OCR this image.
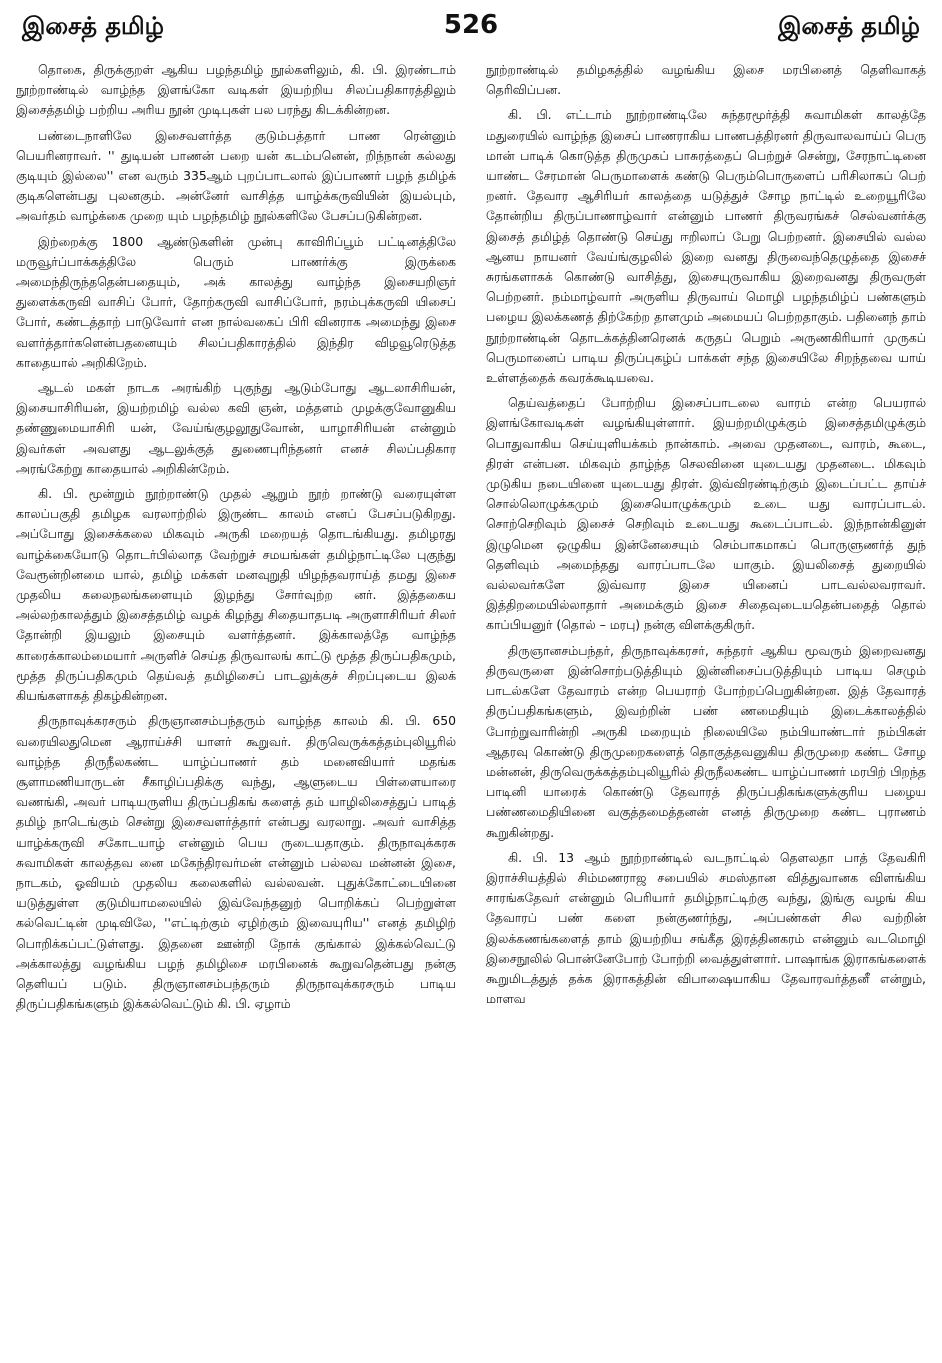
இசைத் தமிழ்	526	இசைத் தமிழ்

தொகை, திருக்குறள் ஆகிய பழந்தமிழ் நூல்களிலும், கி. பி. இரண்டாம் நூற்றாண்டில் வாழ்ந்த இளங்கோ வடிகள் இயற்றிய சிலப்பதிகாரத்திலும் இசைத்தமிழ் பற்றிய அரிய நூன் முடிபுகள் பல பரந்து கிடக்கின்றன.

பண்டைநாளிலே இசைவளர்த்த குடும்பத்தார் பாண ரென்னும் பெயரினராவர். '' துடியன் பாணன் பறை யன் கடம்பனென், றிந்நான் கல்லது குடியும் இல்லை'' என வரும் 335ஆம் புறப்பாடலால் இப்பாணர் பழந் தமிழ்க் குடிகளென்பது புலனகும். அன்னேர் வாசித்த யாழ்க்கருவியின் இயல்பும், அவர்தம் வாழ்க்கை முறை யும் பழந்தமிழ் நூல்களிலே பேசப்படுகின்றன.

இற்றைக்கு 1800 ஆண்டுகளின் முன்பு காவிரிப்பூம் பட்டினத்திலே மருவூர்ப்பாக்கத்திலே பெரும் பாணர்க்கு இருக்கை அமைந்திருந்ததென்பதையும், அக் காலத்து வாழ்ந்த இசையறிஞர் துளைக்கருவி வாசிப் போர், தோற்கருவி வாசிப்போர், நரம்புக்கருவி யிசைப் போர், கண்டத்தாற் பாடுவோர் என நால்வகைப் பிரி வினராக அமைந்து இசை வளர்த்தார்களென்பதனையும் சிலப்பதிகாரத்தில் இந்திர விழவூரெடுத்த காதையால் அறிகிறேம்.

ஆடல் மகள் நாடக அரங்கிற் புகுந்து ஆடும்போது ஆடலாசிரியன், இசையாசிரியன், இயற்றமிழ் வல்ல கவி ஞன், மத்தளம் முழக்குவோனுகிய தண்ணுமையாசிரி யன், வேய்ங்குழலூதுவோன், யாழாசிரியன் என்னும் இவர்கள் அவளது ஆடலுக்குத் துணைபுரிந்தனர் எனச் சிலப்பதிகார அரங்கேற்று காதையால் அறிகின்றேம்.

கி. பி. மூன்றும் நூற்றாண்டு முதல் ஆறும் நூற் றாண்டு வரையுள்ள காலப்பகுதி தமிழக வரலாற்றில் இருண்ட காலம் எனப் பேசப்படுகிறது. அப்போது இசைக்கலை மிகவும் அருகி மறையத் தொடங்கியது. தமிழரது வாழ்க்கையோடு தொடர்பில்லாத வேற்றுச் சமயங்கள் தமிழ்நாட்டிலே புகுந்து வேரூன்றினமை யால், தமிழ் மக்கள் மனவுறுதி யிழந்தவராய்த் தமது இசை முதலிய கலைநலங்களையும் இழந்து சோர்வுற்ற னர். இத்தகைய அல்லற்காலத்தும் இசைத்தமிழ் வழக் கிழந்து சிதையாதபடி அருளாசிரியர் சிலர் தோன்றி இயலும் இசையும் வளர்த்தனர். இக்காலத்தே வாழ்ந்த காரைக்காலம்மையார் அருளிச் செய்த திருவாலங் காட்டு மூத்த திருப்பதிகமும், மூத்த திருப்பதிகமும் தெய்வத் தமிழிசைப் பாடலுக்குச் சிறப்புடைய இலக் கியங்களாகத் திகழ்கின்றன.

திருநாவுக்கரசரும் திருஞானசம்பந்தரும் வாழ்ந்த காலம் கி. பி. 650 வரையிலதுமென ஆராய்ச்சி யாளர் கூறுவர். திருவெருக்கத்தம்புலியூரில் வாழ்ந்த திருநீலகண்ட யாழ்ப்பாணர் தம் மனைவியார் மதங்க சூளாமணியாருடன் சீகாழிப்பதிக்கு வந்து, ஆளுடைய பிள்ளையாரை வணங்கி, அவர் பாடியருளிய திருப்பதிகங் களைத் தம் யாழிலிசைத்துப் பாடித் தமிழ் நாடெங்கும் சென்று இசைவளர்த்தார் என்பது வரலாறு. அவர் வாசித்த யாழ்க்கருவி சகோடயாழ் என்னும் பெய ருடையதாகும். திருநாவுக்கரசு சுவாமிகள் காலத்தவ னை மகேந்திரவர்மன் என்னும் பல்லவ மன்னன் இசை, நாடகம், ஓவியம் முதலிய கலைகளில் வல்லவன். புதுக்கோட்டையினை யடுத்துள்ள குடுமியாமலையில் இவ்வேந்தனுற் பொறிக்கப் பெற்றுள்ள கல்வெட்டின் முடிவிலே, ''எட்டிற்கும் ஏழிற்கும் இவையுரிய'' எனத் தமிழிற் பொறிக்கப்பட்டுள்ளது. இதனை ஊன்றி நோக் குங்கால் இக்கல்வெட்டு அக்காலத்து வழங்கிய பழந் தமிழிசை மரபினைக் கூறுவதென்பது நன்கு தெளியப் படும். திருஞானசம்பந்தரும் திருநாவுக்கரசரும் பாடிய திருப்பதிகங்களும் இக்கல்வெட்டும் கி. பி. ஏழாம்

நூற்றாண்டில் தமிழகத்தில் வழங்கிய இசை மரபினைத் தெளிவாகத் தெரிவிப்பன.

கி. பி. எட்டாம் நூற்றாண்டிலே சுந்தரமூர்த்தி சுவாமிகள் காலத்தே மதுரையில் வாழ்ந்த இசைப் பாணராகிய பாணபத்திரனர் திருவாலவாய்ப் பெரு மான் பாடிக் கொடுத்த திருமுகப் பாசுரத்தைப் பெற்றுச் சென்று, சேரநாட்டினை யாண்ட சேரமான் பெருமாளைக் கண்டு பெரும்பொருளைப் பரிசிலாகப் பெற் றனர். தேவார ஆசிரியர் காலத்தை யடுத்துச் சோழ நாட்டில் உறையூரிலே தோன்றிய திருப்பாணாழ்வார் என்னும் பாணர் திருவரங்கச் செல்வனர்க்கு இசைத் தமிழ்த் தொண்டு செய்து ஈறிலாப் பேறு பெற்றனர். இசையில் வல்ல ஆனய நாயனர் வேய்ங்குழலில் இறை வனது திருவைந்தெழுத்தை இசைச் சுரங்களாகக் கொண்டு வாசித்து, இசையுருவாகிய இறைவனது திருவருள் பெற்றனர். நம்மாழ்வார் அருளிய திருவாய் மொழி பழந்தமிழ்ப் பண்களும் பழைய இலக்கணத் திற்கேற்ற தாளமும் அமையப் பெற்றதாகும். பதினைந் தாம் நூற்றாண்டின் தொடக்கத்தினரெனக் கருதப் பெறும் அருணகிரியார் முருகப் பெருமானைப் பாடிய திருப்புகழ்ப் பாக்கள் சந்த இசையிலே சிறந்தவை யாய் உள்ளத்தைக் கவரக்கூடியவை.

தெய்வத்தைப் போற்றிய இசைப்பாடலை வாரம் என்ற பெயரால் இளங்கோவடிகள் வழங்கியுள்ளார். இயற்றமிழுக்கும் இசைத்தமிழுக்கும் பொதுவாகிய செய்யுளியக்கம் நான்காம். அவை முதனடை, வாரம், கூடை, திரள் என்பன. மிகவும் தாழ்ந்த செலவினை யுடையது முதனடை. மிகவும் முடுகிய நடையினை யுடையது திரள். இவ்விரண்டிற்கும் இடைப்பட்ட தாய்ச் சொல்லொழுக்கமும் இசையொழுக்கமும் உடை யது வாரப்பாடல். சொற்செறிவும் இசைச் செறிவும் உடையது கூடைப்பாடல். இந்நான்கினுள் இழுமென ஒழுகிய இன்னேசையும் செம்பாகமாகப் பொருளுணர்த் துந் தெளிவும் அமைந்தது வாரப்பாடலே யாகும். இயலிசைத் துறையில் வல்லவர்களே இவ்வார இசை யினைப் பாடவல்லவராவர். இத்திறமையில்லாதார் அமைக்கும் இசை சிதைவுடையதென்பதைத் தொல் காப்பியனுர் (தொல் – மரபு) நன்கு விளக்குகிருர்.

திருஞானசம்பந்தர், திருநாவுக்கரசர், சுந்தரர் ஆகிய மூவரும் இறைவனது திருவருளை இன்சொற்படுத்தியும் இன்னிசைப்படுத்தியும் பாடிய செழும் பாடல்களே தேவாரம் என்ற பெயராற் போற்றப்பெறுகின்றன. இத் தேவாரத் திருப்பதிகங்களும், இவற்றின் பண் ணமைதியும் இடைக்காலத்தில் போற்றுவாரின்றி அருகி மறையும் நிலையிலே நம்பியாண்டார் நம்பிகள் ஆதரவு கொண்டு திருமுறைகளைத் தொகுத்தவனுகிய திருமுறை கண்ட சோழ மன்னன், திருவெருக்கத்தம்புலியூரில் திருநீலகண்ட யாழ்ப்பாணர் மரபிற் பிறந்த பாடினி யாரைக் கொண்டு தேவாரத் திருப்பதிகங்களுக்குரிய பழைய பண்ணமைதியினை வகுத்தமைத்தனன் எனத் திருமுறை கண்ட புராணம் கூறுகின்றது.

கி. பி. 13 ஆம் நூற்றாண்டில் வடநாட்டில் தௌலதா பாத் தேவகிரி இராச்சியத்தில் சிம்மணராஜ சபையில் சமஸ்தான வித்துவானக விளங்கிய சாரங்கதேவர் என்னும் பெரியார் தமிழ்நாட்டிற்கு வந்து, இங்கு வழங் கிய தேவாரப் பண் களை நன்குணர்ந்து, அப்பண்கள் சில வற்றின் இலக்கணங்களைத் தாம் இயற்றிய சங்கீத இரத்தினகரம் என்னும் வடமொழி இசைநூலில் பொன்னேபோற் போற்றி வைத்துள்ளார். பாஷாங்க இராகங்களைக் கூறுமிடத்துத் தக்க இராகத்தின் விபாஷையாகிய தேவாரவர்த்தனீ என்றும், மாளவ
